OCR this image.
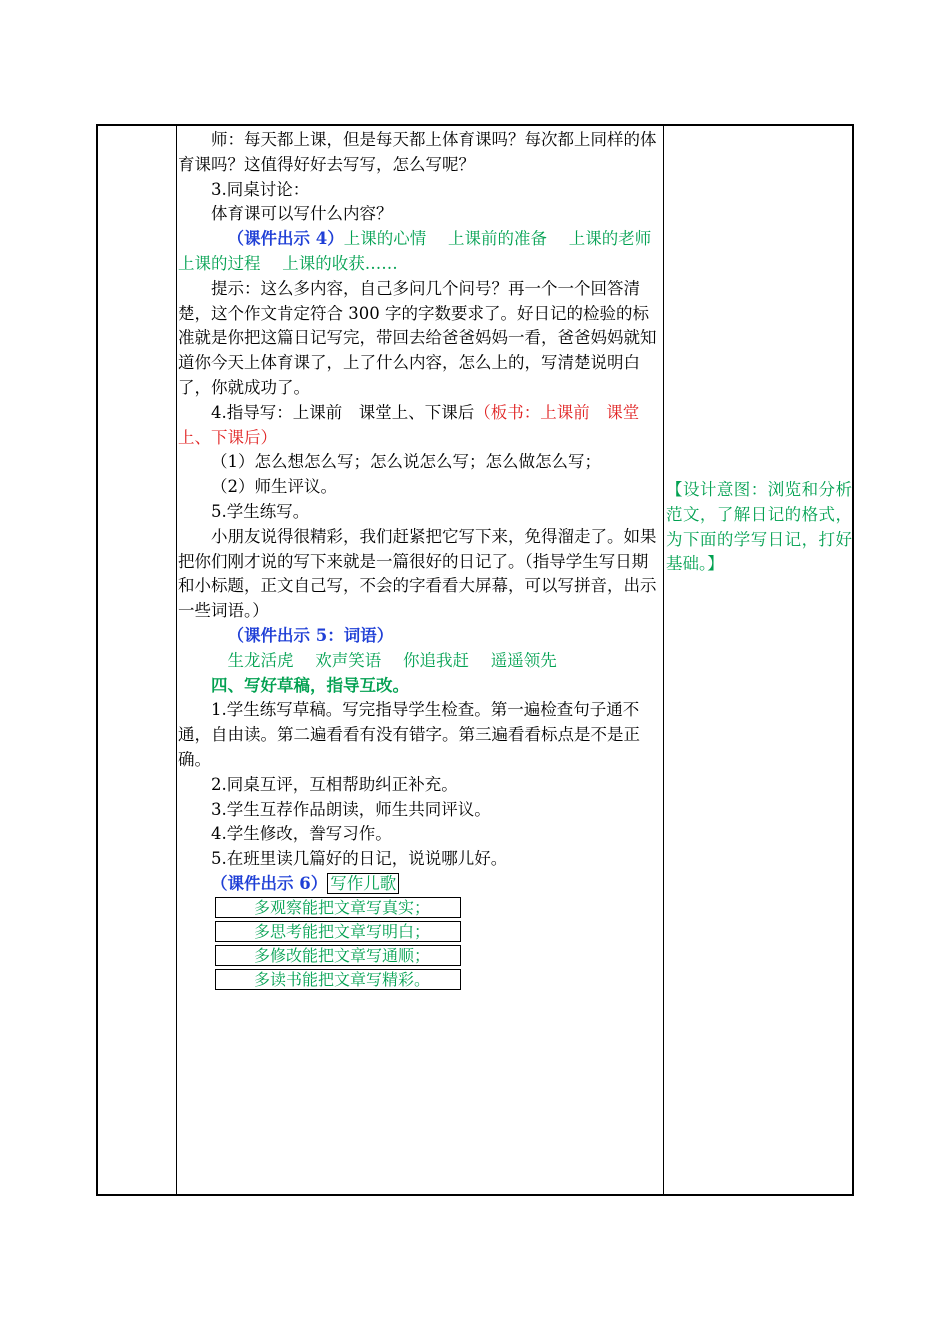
师：每天都上课，但是每天都上体育课吗？每次都上同样的体育课吗？这值得好好去写写，怎么写呢？

3.同桌讨论：

体育课可以写什么内容？

（课件出示 4）上课的心情　 上课前的准备　 上课的老师　 上课的过程　 上课的收获……

提示：这么多内容，自己多问几个问号？再一个一个回答清楚，这个作文肯定符合 300 字的字数要求了。好日记的检验的标准就是你把这篇日记写完，带回去给爸爸妈妈一看，爸爸妈妈就知道你今天上体育课了，上了什么内容，怎么上的，写清楚说明白了，你就成功了。

4.指导写：上课前　课堂上、下课后（板书：上课前　课堂上、下课后）

（1）怎么想怎么写；怎么说怎么写；怎么做怎么写；

（2）师生评议。

5.学生练写。

小朋友说得很精彩，我们赶紧把它写下来，免得溜走了。如果把你们刚才说的写下来就是一篇很好的日记了。（指导学生写日期和小标题，正文自己写，不会的字看看大屏幕，可以写拼音，出示一些词语。）

（课件出示 5：词语）

生龙活虎　 欢声笑语　 你追我赶　 遥遥领先

四、写好草稿，指导互改。

1.学生练写草稿。写完指导学生检查。第一遍检查句子通不通，自由读。第二遍看看有没有错字。第三遍看看标点是不是正确。

2.同桌互评，互相帮助纠正补充。

3.学生互荐作品朗读，师生共同评议。

4.学生修改，誊写习作。

5.在班里读几篇好的日记，说说哪儿好。

（课件出示 6） 写作儿歌

多观察能把文章写真实；
多思考能把文章写明白；
多修改能把文章写通顺；
多读书能把文章写精彩。

【设计意图：浏览和分析范文，了解日记的格式，为下面的学写日记，打好基础。】
